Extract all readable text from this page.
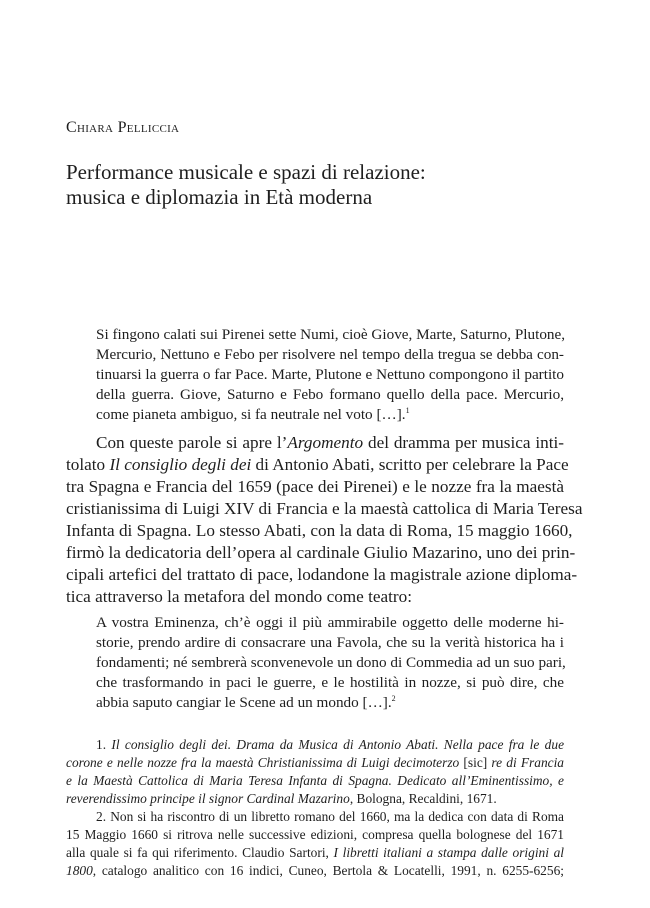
Chiara Pelliccia
Performance musicale e spazi di relazione:
musica e diplomazia in Età moderna
Si fingono calati sui Pirenei sette Numi, cioè Giove, Marte, Saturno, Plutone,
Mercurio, Nettuno e Febo per risolvere nel tempo della tregua se debba con-
tinuarsi la guerra o far Pace. Marte, Plutone e Nettuno compongono il partito
della guerra. Giove, Saturno e Febo formano quello della pace. Mercurio,
come pianeta ambiguo, si fa neutrale nel voto […].$^1$
Con queste parole si apre l’Argomento del dramma per musica inti-
tolato Il consiglio degli dei di Antonio Abati, scritto per celebrare la Pace
tra Spagna e Francia del 1659 (pace dei Pirenei) e le nozze fra la maestà
cristianissima di Luigi XIV di Francia e la maestà cattolica di Maria Teresa
Infanta di Spagna. Lo stesso Abati, con la data di Roma, 15 maggio 1660,
firmò la dedicatoria dell’opera al cardinale Giulio Mazarino, uno dei prin-
cipali artefici del trattato di pace, lodandone la magistrale azione diploma-
tica attraverso la metafora del mondo come teatro:
A vostra Eminenza, ch’è oggi il più ammirabile oggetto delle moderne hi-
storie, prendo ardire di consacrare una Favola, che su la verità historica ha i
fondamenti; né sembrerà sconvenevole un dono di Commedia ad un suo pari,
che trasformando in paci le guerre, e le hostilità in nozze, si può dire, che
abbia saputo cangiar le Scene ad un mondo […].$^2$
1. Il consiglio degli dei. Drama da Musica di Antonio Abati. Nella pace fra le due
corone e nelle nozze fra la maestà Christianissima di Luigi decimoterzo [sic] re di Francia
e la Maestà Cattolica di Maria Teresa Infanta di Spagna. Dedicato all’Eminentissimo, e
reverendissimo principe il signor Cardinal Mazarino, Bologna, Recaldini, 1671.
2. Non si ha riscontro di un libretto romano del 1660, ma la dedica con data di Roma
15 Maggio 1660 si ritrova nelle successive edizioni, compresa quella bolognese del 1671
alla quale si fa qui riferimento. Claudio Sartori, I libretti italiani a stampa dalle origini al
1800, catalogo analitico con 16 indici, Cuneo, Bertola & Locatelli, 1991, n. 6255-6256;
